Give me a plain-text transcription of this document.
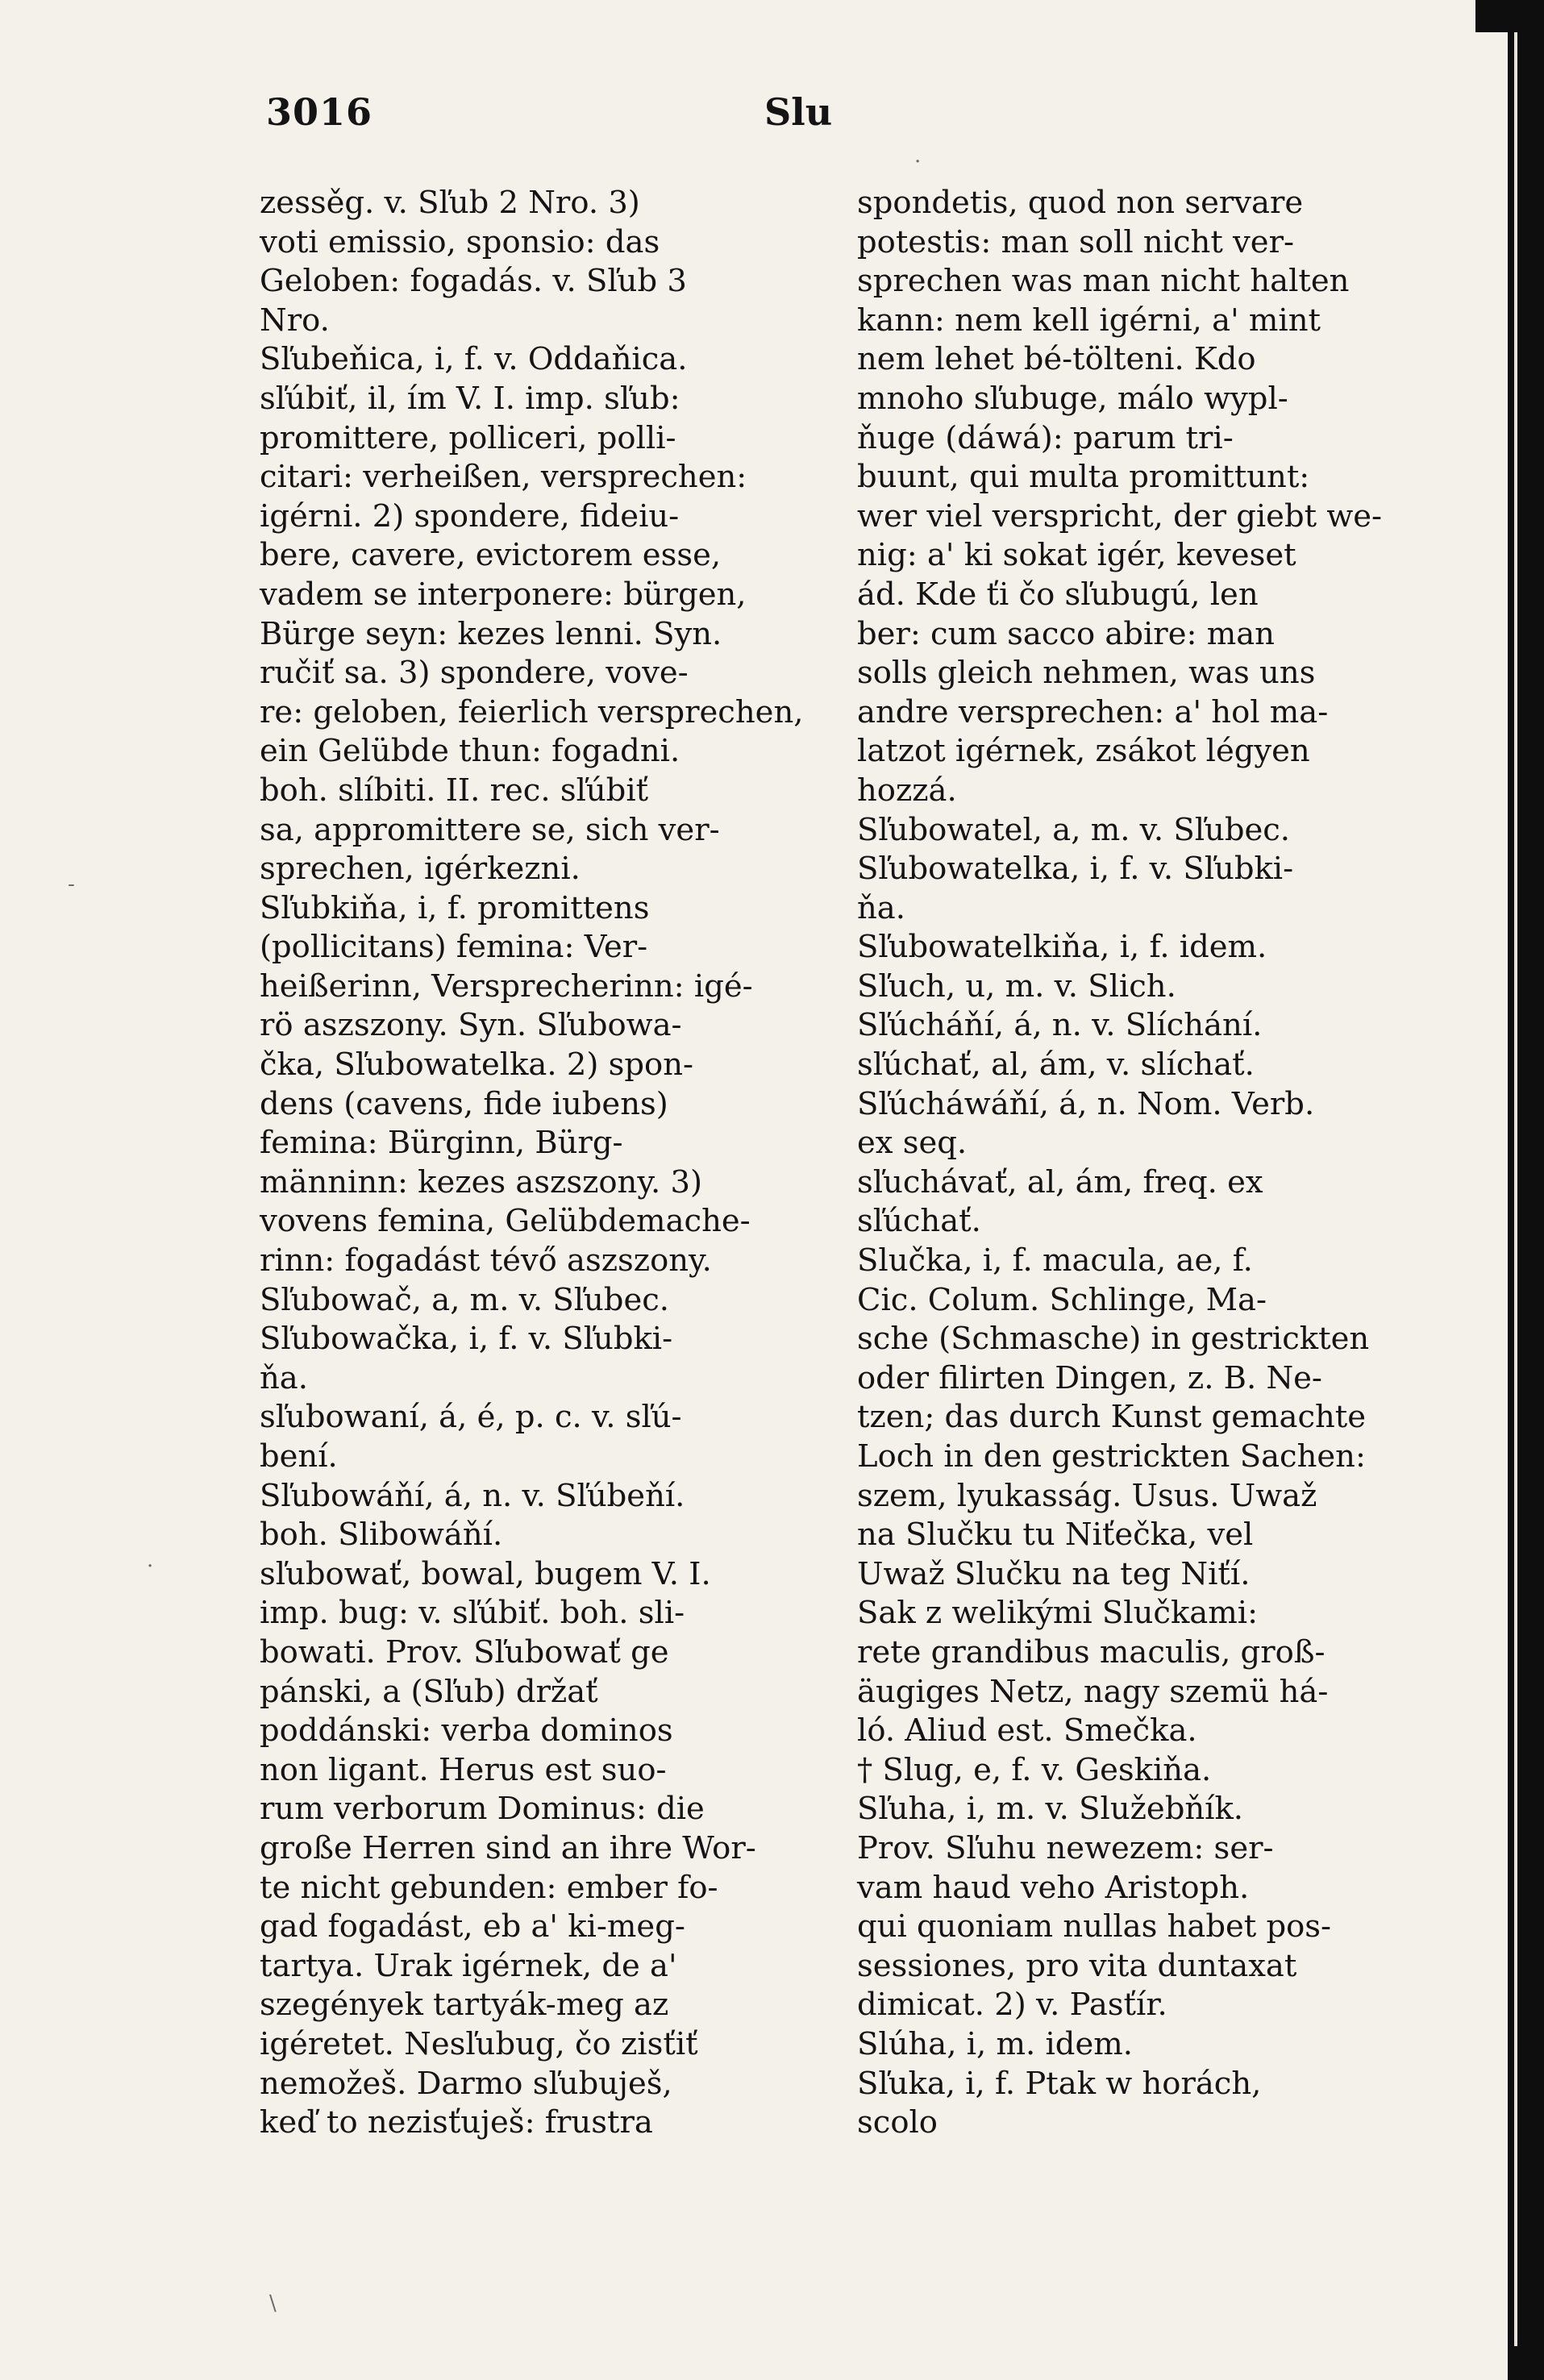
3016	Slu
zessěg. v. Sľub 2 Nro. 3)
voti emissio, sponsio: das
Geloben: fogadás. v. Sľub 3
Nro.
Sľubeňica, i, f. v. Oddaňica.
sľúbiť, il, ím V. I. imp. sľub:
promittere, polliceri, polli-
citari: verheißen, versprechen:
igérni. 2) spondere, fideiu-
bere, cavere, evictorem esse,
vadem se interponere: bürgen,
Bürge seyn: kezes lenni. Syn.
ručiť sa. 3) spondere, vove-
re: geloben, feierlich versprechen,
ein Gelübde thun: fogadni.
boh. slíbiti. II. rec. sľúbiť
sa, appromittere se, sich ver-
sprechen, igérkezni.
Sľubkiňa, i, f. promittens
(pollicitans) femina: Ver-
heißerinn, Versprecherinn: igé-
rö aszszony. Syn. Sľubowa-
čka, Sľubowatelka. 2) spon-
dens (cavens, fide iubens)
femina: Bürginn, Bürg-
männinn: kezes aszszony. 3)
vovens femina, Gelübdemache-
rinn: fogadást tévő aszszony.
Sľubowač, a, m. v. Sľubec.
Sľubowačka, i, f. v. Sľubki-
ňa.
sľubowaní, á, é, p. c. v. sľú-
bení.
Sľubowáňí, á, n. v. Sľúbeňí.
boh. Slibowáňí.
sľubowať, bowal, bugem V. I.
imp. bug: v. sľúbiť. boh. sli-
bowati. Prov. Sľubowať ge
pánski, a (Sľub) držať
poddánski: verba dominos
non ligant. Herus est suo-
rum verborum Dominus: die
große Herren sind an ihre Wor-
te nicht gebunden: ember fo-
gad fogadást, eb a' ki-meg-
tartya. Urak igérnek, de a'
szegények tartyák-meg az
igéretet. Nesľubug, čo zisťiť
nemožeš. Darmo sľubuješ,
keď to nezisťuješ: frustra
spondetis, quod non servare
potestis: man soll nicht ver-
sprechen was man nicht halten
kann: nem kell igérni, a' mint
nem lehet bé-tölteni. Kdo
mnoho sľubuge, málo wypl-
ňuge (dáwá): parum tri-
buunt, qui multa promittunt:
wer viel verspricht, der giebt we-
nig: a' ki sokat igér, keveset
ád. Kde ťi čo sľubugú, len
ber: cum sacco abire: man
solls gleich nehmen, was uns
andre versprechen: a' hol ma-
latzot igérnek, zsákot légyen
hozzá.
Sľubowatel, a, m. v. Sľubec.
Sľubowatelka, i, f. v. Sľubki-
ňa.
Sľubowatelkiňa, i, f. idem.
Sľuch, u, m. v. Slich.
Sľúcháňí, á, n. v. Slíchání.
sľúchať, al, ám, v. slíchať.
Sľúcháwáňí, á, n. Nom. Verb.
ex seq.
sľuchávať, al, ám, freq. ex
sľúchať.
Slučka, i, f. macula, ae, f.
Cic. Colum. Schlinge, Ma-
sche (Schmasche) in gestrickten
oder filirten Dingen, z. B. Ne-
tzen; das durch Kunst gemachte
Loch in den gestrickten Sachen:
szem, lyukasság. Usus. Uwaž
na Slučku tu Niťečka, vel
Uwaž Slučku na teg Niťí.
Sak z welikými Slučkami:
rete grandibus maculis, groß-
äugiges Netz, nagy szemü há-
ló. Aliud est. Smečka.
† Slug, e, f. v. Geskiňa.
Sľuha, i, m. v. Služebňík.
Prov. Sľuhu newezem: ser-
vam haud veho Aristoph.
qui quoniam nullas habet pos-
sessiones, pro vita duntaxat
dimicat. 2) v. Pasťír.
Slúha, i, m. idem.
Sľuka, i, f. Ptak w horách,
scolo
·
-
·
\
